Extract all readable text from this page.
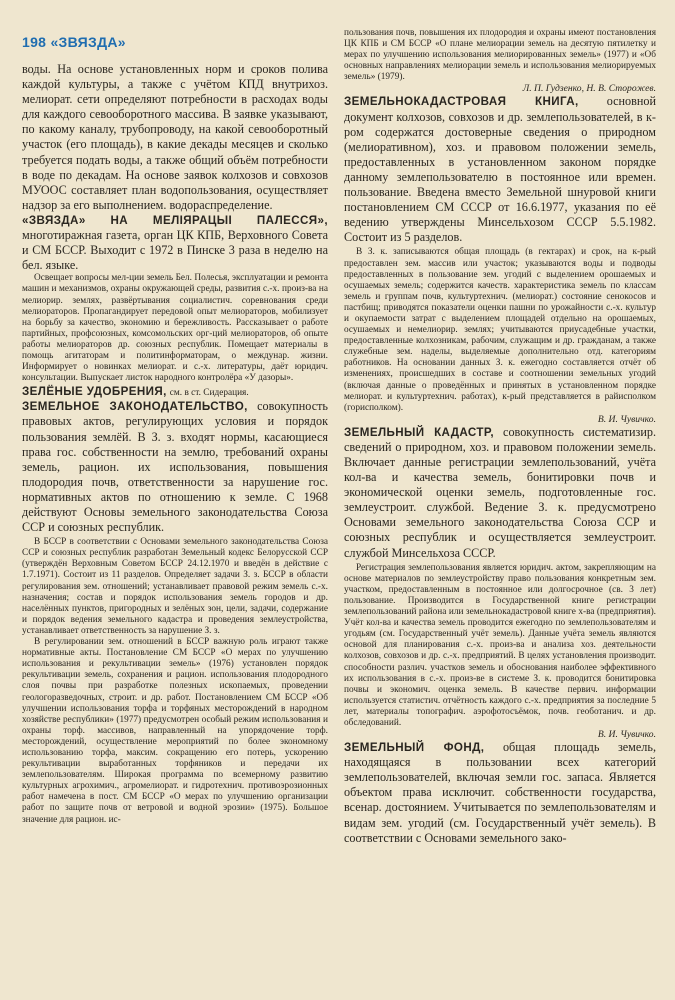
198 «ЗВЯЗДА»

воды. На основе установленных норм и сроков полива каждой культуры, а также с учётом КПД внутрихоз. мелиорат. сети определяют потребности в расходах воды для каждого севооборотного массива. В заявке указывают, по какому каналу, трубопроводу, на какой севооборотный участок (его площадь), в какие декады месяцев и сколько требуется подать воды, а также общий объём потребности в воде по декадам. На основе заявок колхозов и совхозов МУООС составляет план водопользования, осуществляет надзор за его выполнением. водораспределение.

«ЗВЯЗДА» НА МЕЛІЯРАЦЫІ ПАЛЕССЯ», многотиражная газета, орган ЦК КПБ, Верховного Совета и СМ БССР. Выходит с 1972 в Пинске 3 раза в неделю на бел. языке.

Освещает вопросы мел-ции земель Бел. Полесья, эксплуатации и ремонта машин и механизмов, охраны окружающей среды, развития с.-х. произ-ва на мелиорир. землях, развёртывания социалистич. соревнования среди мелиораторов. Пропагандирует передовой опыт мелиораторов, мобилизует на борьбу за качество, экономию и бережливость. Рассказывает о работе партийных, профсоюзных, комсомольских орг-ций мелиораторов, об опыте работы мелиораторов др. союзных республик. Помещает материалы в помощь агитаторам и политинформаторам, о междунар. жизни. Информирует о новинках мелиорат. и с.-х. литературы, даёт юридич. консультации. Выпускает листок народного контролёра «У дазоры».

ЗЕЛЁНЫЕ УДОБРЕНИЯ, см. в ст. Сидерация.

ЗЕМЕЛЬНОЕ ЗАКОНОДАТЕЛЬСТВО, совокупность правовых актов, регулирующих условия и порядок пользования землёй. В З. з. входят нормы, касающиеся права гос. собственности на землю, требований охраны земель, рацион. их использования, повышения плодородия почв, ответственности за нарушение гос. нормативных актов по отношению к земле. С 1968 действуют Основы земельного законодательства Союза ССР и союзных республик.

В БССР в соответствии с Основами земельного законодательства Союза ССР и союзных республик разработан Земельный кодекс Белорусской ССР (утверждён Верховным Советом БССР 24.12.1970 и введён в действие с 1.7.1971). Состоит из 11 разделов. Определяет задачи З. з. БССР в области регулирования зем. отношений; устанавливает правовой режим земель с.-х. назначения; состав и порядок использования земель городов и др. населённых пунктов, пригородных и зелёных зон, цели, задачи, содержание и порядок ведения земельного кадастра и проведения землеустройства, устанавливает ответственность за нарушение З. з.

В регулировании зем. отношений в БССР важную роль играют также нормативные акты. Постановление СМ БССР «О мерах по улучшению использования и рекультивации земель» (1976) установлен порядок рекультивации земель, сохранения и рацион. использования плодородного слоя почвы при разработке полезных ископаемых, проведении геологоразведочных, строит. и др. работ. Постановлением СМ БССР «Об улучшении использования торфа и торфяных месторождений в народном хозяйстве республики» (1977) предусмотрен особый режим использования и охраны торф. массивов, направленный на упорядочение торф. месторождений, осуществление мероприятий по более экономному использованию торфа, максим. сокращению его потерь, ускорению рекультивации выработанных торфяников и передачи их землепользователям. Широкая программа по всемерному развитию культурных агрохимич., агромелиорат. и гидротехнич. противоэрозионных работ намечена в пост. СМ БССР «О мерах по улучшению организации работ по защите почв от ветровой и водной эрозии» (1975). Большое значение для рацион. ис-

пользования почв, повышения их плодородия и охраны имеют постановления ЦК КПБ и СМ БССР «О плане мелиорации земель на десятую пятилетку и мерах по улучшению использования мелиорированных земель» (1977) и «Об основных направлениях мелиорации земель и использования мелиорируемых земель» (1979).

Л. П. Гудзенко, Н. В. Сторожев.

ЗЕМЕЛЬНОКАДАСТРОВАЯ КНИГА, основной документ колхозов, совхозов и др. землепользователей, в к-ром содержатся достоверные сведения о природном (мелиоративном), хоз. и правовом положении земель, предоставленных в установленном законом порядке данному землепользователю в постоянное или времен. пользование. Введена вместо Земельной шнуровой книги постановлением СМ СССР от 16.6.1977, указания по её ведению утверждены Минсельхозом СССР 5.5.1982. Состоит из 5 разделов.

В З. к. записываются общая площадь (в гектарах) и срок, на к-рый предоставлен зем. массив или участок; указываются воды и подводы предоставленных в пользование зем. угодий с выделением орошаемых и осушаемых земель; содержится качеств. характеристика земель по классам земель и группам почв, культуртехнич. (мелиорат.) состояние сенокосов и пастбищ; приводятся показатели оценки пашни по урожайности с.-х. культур и окупаемости затрат с выделением площадей отдельно на орошаемых, осушаемых и немелиорир. землях; учитываются приусадебные участки, предоставленные колхозникам, рабочим, служащим и др. гражданам, а также служебные зем. наделы, выделяемые дополнительно отд. категориям работников. На основании данных З. к. ежегодно составляется отчёт об изменениях, происшедших в составе и соотношении земельных угодий (включая данные о проведённых и принятых в установленном порядке мелиорат. и культуртехнич. работах), к-рый представляется в райисполком (горисполком).

В. И. Чувичко.

ЗЕМЕЛЬНЫЙ КАДАСТР, совокупность систематизир. сведений о природном, хоз. и правовом положении земель. Включает данные регистрации землепользований, учёта кол-ва и качества земель, бонитировки почв и экономической оценки земель, подготовленные гос. землеустроит. службой. Ведение З. к. предусмотрено Основами земельного законодательства Союза ССР и союзных республик и осуществляется землеустроит. службой Минсельхоза СССР.

Регистрация землепользования является юридич. актом, закрепляющим на основе материалов по землеустройству право пользования конкретным зем. участком, предоставленным в постоянное или долгосрочное (св. 3 лет) пользование. Производится в Государственной книге регистрации землепользований района или земельнокадастровой книге х-ва (предприятия). Учёт кол-ва и качества земель проводится ежегодно по землепользователям и угодьям (см. Государственный учёт земель). Данные учёта земель являются основой для планирования с.-х. произ-ва и анализа хоз. деятельности колхозов, совхозов и др. с.-х. предприятий. В целях установления производит. способности различ. участков земель и обоснования наиболее эффективного их использования в с.-х. произ-ве в системе З. к. проводится бонитировка почвы и экономич. оценка земель. В качестве первич. информации используется статистич. отчётность каждого с.-х. предприятия за последние 5 лет, материалы топографич. аэрофотосъёмок, почв. геоботанич. и др. обследований.

В. И. Чувичко.

ЗЕМЕЛЬНЫЙ ФОНД, общая площадь земель, находящаяся в пользовании всех категорий землепользователей, включая земли гос. запаса. Является объектом права исключит. собственности государства, всенар. достоянием. Учитывается по землепользователям и видам зем. угодий (см. Государственный учёт земель). В соответствии с Основами земельного зако-
